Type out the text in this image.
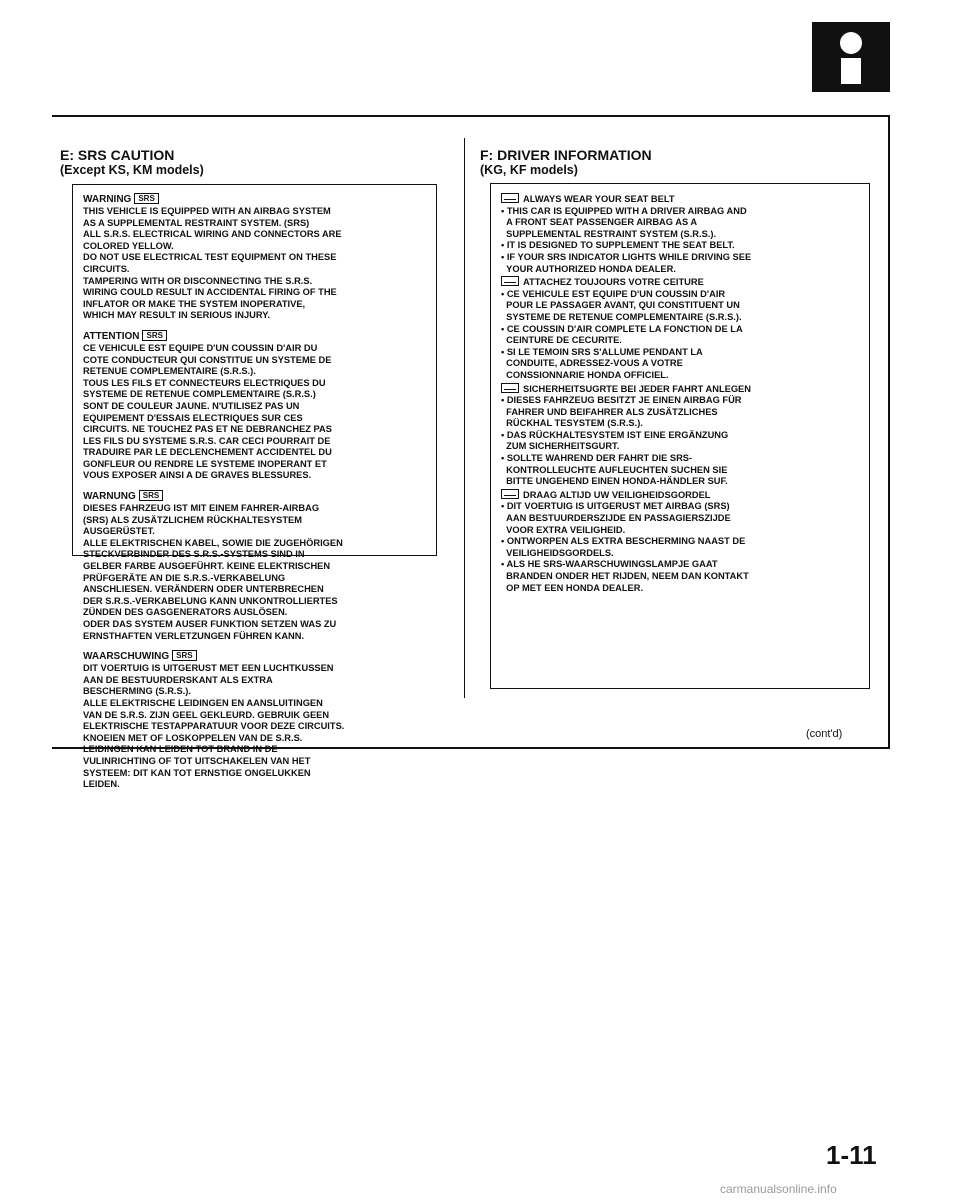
E: SRS CAUTION
(Except KS, KM models)
WARNING SRS
THIS VEHICLE IS EQUIPPED WITH AN AIRBAG SYSTEM
AS A SUPPLEMENTAL RESTRAINT SYSTEM. (SRS)
ALL S.R.S. ELECTRICAL WIRING AND CONNECTORS ARE
COLORED YELLOW.
DO NOT USE ELECTRICAL TEST EQUIPMENT ON THESE
CIRCUITS.
TAMPERING WITH OR DISCONNECTING THE S.R.S.
WIRING COULD RESULT IN ACCIDENTAL FIRING OF THE
INFLATOR OR MAKE THE SYSTEM INOPERATIVE,
WHICH MAY RESULT IN SERIOUS INJURY.
ATTENTION SRS
CE VEHICULE EST EQUIPE D'UN COUSSIN D'AIR DU
COTE CONDUCTEUR QUI CONSTITUE UN SYSTEME DE
RETENUE COMPLEMENTAIRE (S.R.S.).
TOUS LES FILS ET CONNECTEURS ELECTRIQUES DU
SYSTEME DE RETENUE COMPLEMENTAIRE (S.R.S.)
SONT DE COULEUR JAUNE. N'UTILISEZ PAS UN
EQUIPEMENT D'ESSAIS ELECTRIQUES SUR CES
CIRCUITS. NE TOUCHEZ PAS ET NE DEBRANCHEZ PAS
LES FILS DU SYSTEME S.R.S. CAR CECI POURRAIT DE
TRADUIRE PAR LE DECLENCHEMENT ACCIDENTEL DU
GONFLEUR OU RENDRE LE SYSTEME INOPERANT ET
VOUS EXPOSER AINSI A DE GRAVES BLESSURES.
WARNUNG SRS
DIESES FAHRZEUG IST MIT EINEM FAHRER-AIRBAG
(SRS) ALS ZUSÄTZLICHEM RÜCKHALTESYSTEM
AUSGERÜSTET.
ALLE ELEKTRISCHEN KABEL, SOWIE DIE ZUGEHÖRIGEN
STECKVERBINDER DES S.R.S.-SYSTEMS SIND IN
GELBER FARBE AUSGEFÜHRT. KEINE ELEKTRISCHEN
PRÜFGERÄTE AN DIE S.R.S.-VERKABELUNG
ANSCHLIESEN. VERÄNDERN ODER UNTERBRECHEN
DER S.R.S.-VERKABELUNG KANN UNKONTROLLIERTES
ZÜNDEN DES GASGENERATORS AUSLÖSEN.
ODER DAS SYSTEM AUSER FUNKTION SETZEN WAS ZU
ERNSTHAFTEN VERLETZUNGEN FÜHREN KANN.
WAARSCHUWING SRS
DIT VOERTUIG IS UITGERUST MET EEN LUCHTKUSSEN
AAN DE BESTUURDERSKANT ALS EXTRA
BESCHERMING (S.R.S.).
ALLE ELEKTRISCHE LEIDINGEN EN AANSLUITINGEN
VAN DE S.R.S. ZIJN GEEL GEKLEURD. GEBRUIK GEEN
ELEKTRISCHE TESTAPPARATUUR VOOR DEZE CIRCUITS.
KNOEIEN MET OF LOSKOPPELEN VAN DE S.R.S.
LEIDINGEN KAN LEIDEN TOT BRAND IN DE
VULINRICHTING OF TOT UITSCHAKELEN VAN HET
SYSTEEM: DIT KAN TOT ERNSTIGE ONGELUKKEN
LEIDEN.
F: DRIVER INFORMATION
(KG, KF models)
ALWAYS WEAR YOUR SEAT BELT
• THIS CAR IS EQUIPPED WITH A DRIVER AIRBAG AND
A FRONT SEAT PASSENGER AIRBAG AS A
SUPPLEMENTAL RESTRAINT SYSTEM (S.R.S.).
• IT IS DESIGNED TO SUPPLEMENT THE SEAT BELT.
• IF YOUR SRS INDICATOR LIGHTS WHILE DRIVING SEE
YOUR AUTHORIZED HONDA DEALER.
ATTACHEZ TOUJOURS VOTRE CEITURE
• CE VEHICULE EST EQUIPE D'UN COUSSIN D'AIR
POUR LE PASSAGER AVANT, QUI CONSTITUENT UN
SYSTEME DE RETENUE COMPLEMENTAIRE (S.R.S.).
• CE COUSSIN D'AIR COMPLETE LA FONCTION DE LA
CEINTURE DE CECURITE.
• SI LE TEMOIN SRS S'ALLUME PENDANT LA
CONDUITE, ADRESSEZ-VOUS A VOTRE
CONSSIONNARIE HONDA OFFICIEL.
SICHERHEITSUGRTE BEI JEDER FAHRT ANLEGEN
• DIESES FAHRZEUG BESITZT JE EINEN AIRBAG FÜR
FAHRER UND BEIFAHRER ALS ZUSÄTZLICHES
RÜCKHAL TESYSTEM (S.R.S.).
• DAS RÜCKHALTESYSTEM IST EINE ERGÄNZUNG
ZUM SICHERHEITSGURT.
• SOLLTE WAHREND DER FAHRT DIE SRS-
KONTROLLEUCHTE AUFLEUCHTEN SUCHEN SIE
BITTE UNGEHEND EINEN HONDA-HÄNDLER SUF.
DRAAG ALTIJD UW VEILIGHEIDSGORDEL
• DIT VOERTUIG IS UITGERUST MET AIRBAG (SRS)
AAN BESTUURDERSZIJDE EN PASSAGIERSZIJDE
VOOR EXTRA VEILIGHEID.
• ONTWORPEN ALS EXTRA BESCHERMING NAAST DE
VEILIGHEIDSGORDELS.
• ALS HE SRS-WAARSCHUWINGSLAMPJE GAAT
BRANDEN ONDER HET RIJDEN, NEEM DAN KONTAKT
OP MET EEN HONDA DEALER.
(cont'd)
1-11
carmanualsonline.info
